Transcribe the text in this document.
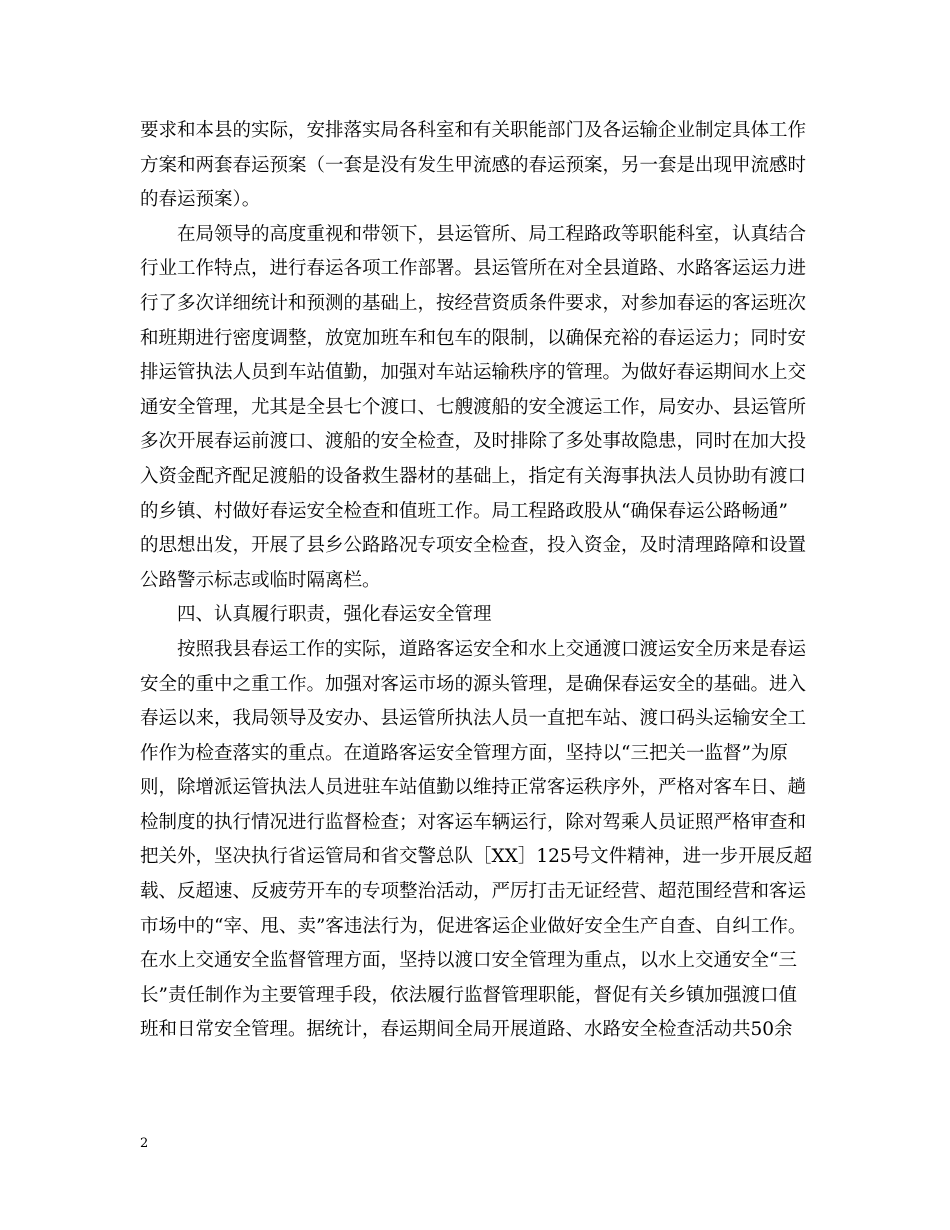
要求和本县的实际，安排落实局各科室和有关职能部门及各运输企业制定具体工作
方案和两套春运预案（一套是没有发生甲流感的春运预案，另一套是出现甲流感时
的春运预案）。
在局领导的高度重视和带领下，县运管所、局工程路政等职能科室，认真结合
行业工作特点，进行春运各项工作部署。县运管所在对全县道路、水路客运运力进
行了多次详细统计和预测的基础上，按经营资质条件要求，对参加春运的客运班次
和班期进行密度调整，放宽加班车和包车的限制，以确保充裕的春运运力；同时安
排运管执法人员到车站值勤，加强对车站运输秩序的管理。为做好春运期间水上交
通安全管理，尤其是全县七个渡口、七艘渡船的安全渡运工作，局安办、县运管所
多次开展春运前渡口、渡船的安全检查，及时排除了多处事故隐患，同时在加大投
入资金配齐配足渡船的设备救生器材的基础上，指定有关海事执法人员协助有渡口
的乡镇、村做好春运安全检查和值班工作。局工程路政股从“确保春运公路畅通”
的思想出发，开展了县乡公路路况专项安全检查，投入资金，及时清理路障和设置
公路警示标志或临时隔离栏。
四、认真履行职责，强化春运安全管理
按照我县春运工作的实际，道路客运安全和水上交通渡口渡运安全历来是春运
安全的重中之重工作。加强对客运市场的源头管理，是确保春运安全的基础。进入
春运以来，我局领导及安办、县运管所执法人员一直把车站、渡口码头运输安全工
作作为检查落实的重点。在道路客运安全管理方面，坚持以“三把关一监督”为原
则，除增派运管执法人员进驻车站值勤以维持正常客运秩序外，严格对客车日、趟
检制度的执行情况进行监督检查；对客运车辆运行，除对驾乘人员证照严格审查和
把关外，坚决执行省运管局和省交警总队［XX］125号文件精神，进一步开展反超
载、反超速、反疲劳开车的专项整治活动，严厉打击无证经营、超范围经营和客运
市场中的“宰、甩、卖”客违法行为，促进客运企业做好安全生产自查、自纠工作。
在水上交通安全监督管理方面，坚持以渡口安全管理为重点，以水上交通安全“三
长”责任制作为主要管理手段，依法履行监督管理职能，督促有关乡镇加强渡口值
班和日常安全管理。据统计，春运期间全局开展道路、水路安全检查活动共50余
2
